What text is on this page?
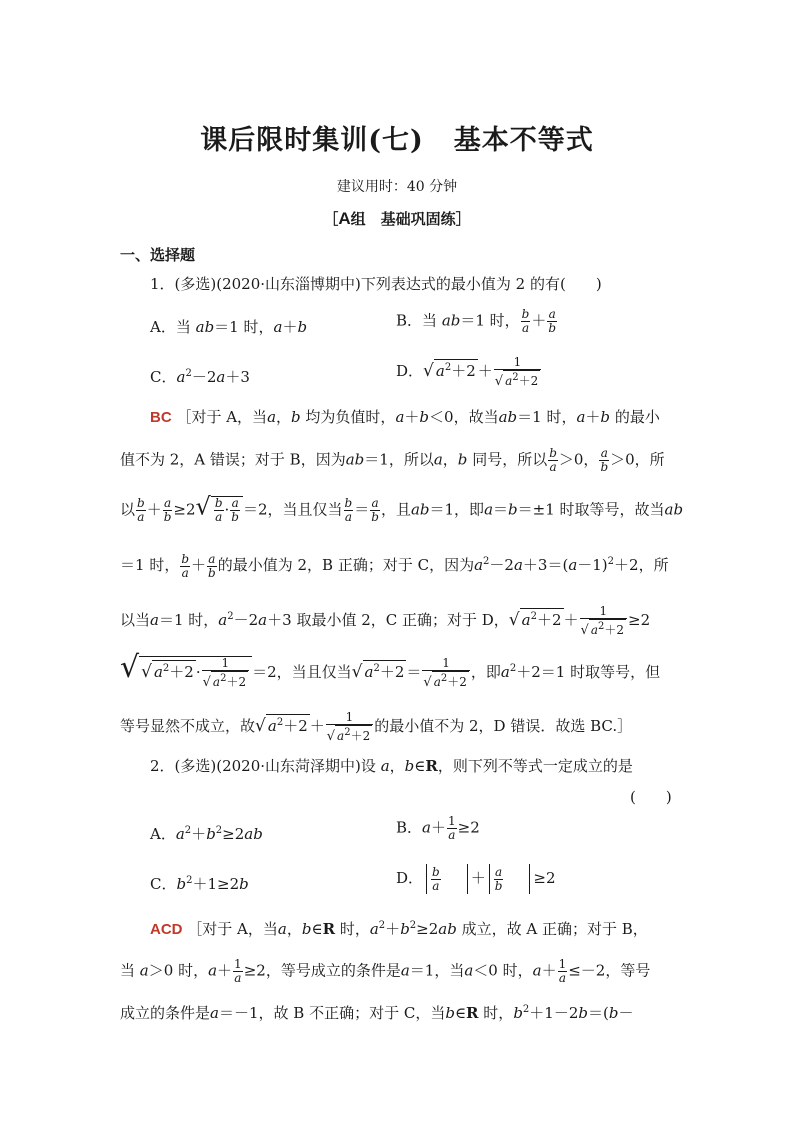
课后限时集训(七) 基本不等式
建议用时：40 分钟
［A组　基础巩固练］
一、选择题
1．(多选)(2020·山东淄博期中)下列表达式的最小值为 2 的有(　　)
A．当 ab＝1 时，a＋b	B．当 ab＝1 时， $\frac{b}{a} + \frac{a}{b}$
C．$a^2-2a+3$	D．√ $a^2+2 + \frac{1}{√ a^2+2}$
BC ［对于 A，当a，b 均为负值时，a＋b＜0，故当ab＝1 时，a＋b 的最小
值不为 2，A 错误；对于 B，因为ab＝1，所以a，b 同号，所以 $\frac{b}{a} >0$， $\frac{a}{b} >0$，所
以 $\frac{b}{a} + \frac{a}{b} \ge 2√ \frac{b}{a} \cdot \frac{a}{b} =2$，当且仅当 $\frac{b}{a} = \frac{a}{b}$ ，且ab＝1，即a＝b＝±1 时取等号，故当ab
＝1 时， $\frac{b}{a} + \frac{a}{b}$ 的最小值为 2，B 正确；对于 C，因为$a^2-2a+3=(a-1)^2+2$，所
以当a＝1 时，$a^2-2a+3$ 取最小值 2，C 正确；对于 D，√ $a^2+2 + \frac{1}{√ a^2+2} \ge 2$
√ √ $a^2+2 \cdot \frac{1}{√ a^2+2} =2$，当且仅当√ $a^2+2 = \frac{1}{√ a^2+2}$ ，即$a^2+2=1$ 时取等号，但
等号显然不成立，故√ $a^2+2 + \frac{1}{√ a^2+2}$ 的最小值不为 2，D 错误．故选 BC.］
2．(多选)(2020·山东菏泽期中)设 a，b∈R，则下列不等式一定成立的是
(　　)
A．$a^2+b^2\ge 2ab$	B．$a+ \frac{1}{a} \ge 2$
C．$b^2+1\ge 2b$	D． $\frac{b}{a} + \frac{a}{b} \ge 2$
ACD ［对于 A，当a，b∈R 时，$a^2+b^2\ge 2ab$ 成立，故 A 正确；对于 B，
当 a＞0 时，$a+ \frac{1}{a} \ge 2$，等号成立的条件是a＝1，当a＜0 时，$a+ \frac{1}{a} \le-2$，等号
成立的条件是a＝－1，故 B 不正确；对于 C，当b∈R 时，$b^2+1-2b=(b-$
